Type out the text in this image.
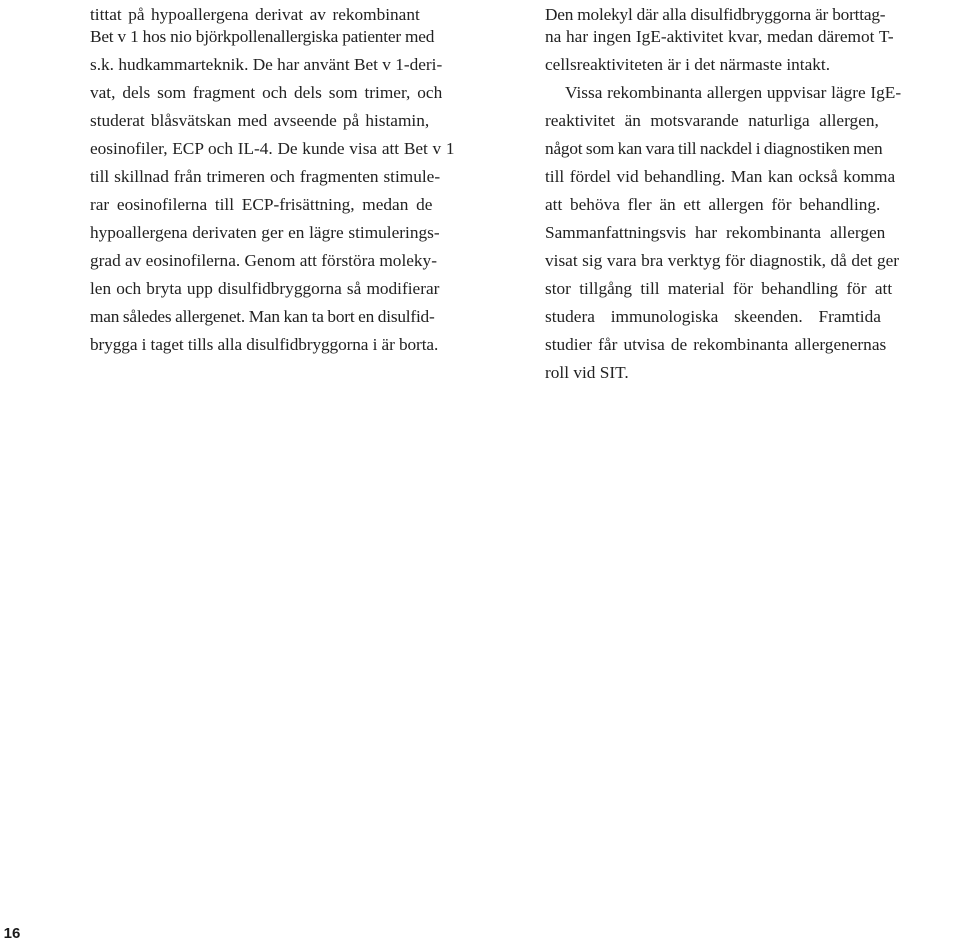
tittat på hypoallergena derivat av rekombinant
Bet v 1 hos nio björkpollenallergiska patienter med
s.k. hudkammarteknik. De har använt Bet v 1-deri-
vat, dels som fragment och dels som trimer, och
studerat blåsvätskan med avseende på histamin,
eosinofiler, ECP och IL-4. De kunde visa att Bet v 1
till skillnad från trimeren och fragmenten stimule-
rar eosinofilerna till ECP-frisättning, medan de
hypoallergena derivaten ger en lägre stimulerings-
grad av eosinofilerna. Genom att förstöra moleky-
len och bryta upp disulfidbryggorna så modifierar
man således allergenet. Man kan ta bort en disulfid-
brygga i taget tills alla disulfidbryggorna i är borta.
Den molekyl där alla disulfidbryggorna är borttag-
na har ingen IgE-aktivitet kvar, medan däremot T-
cellsreaktiviteten är i det närmaste intakt.
Vissa rekombinanta allergen uppvisar lägre IgE-
reaktivitet än motsvarande naturliga allergen,
något som kan vara till nackdel i diagnostiken men
till fördel vid behandling. Man kan också komma
att behöva fler än ett allergen för behandling.
Sammanfattningsvis har rekombinanta allergen
visat sig vara bra verktyg för diagnostik, då det ger
stor tillgång till material för behandling för att
studera immunologiska skeenden. Framtida
studier får utvisa de rekombinanta allergenernas
roll vid SIT.
16
